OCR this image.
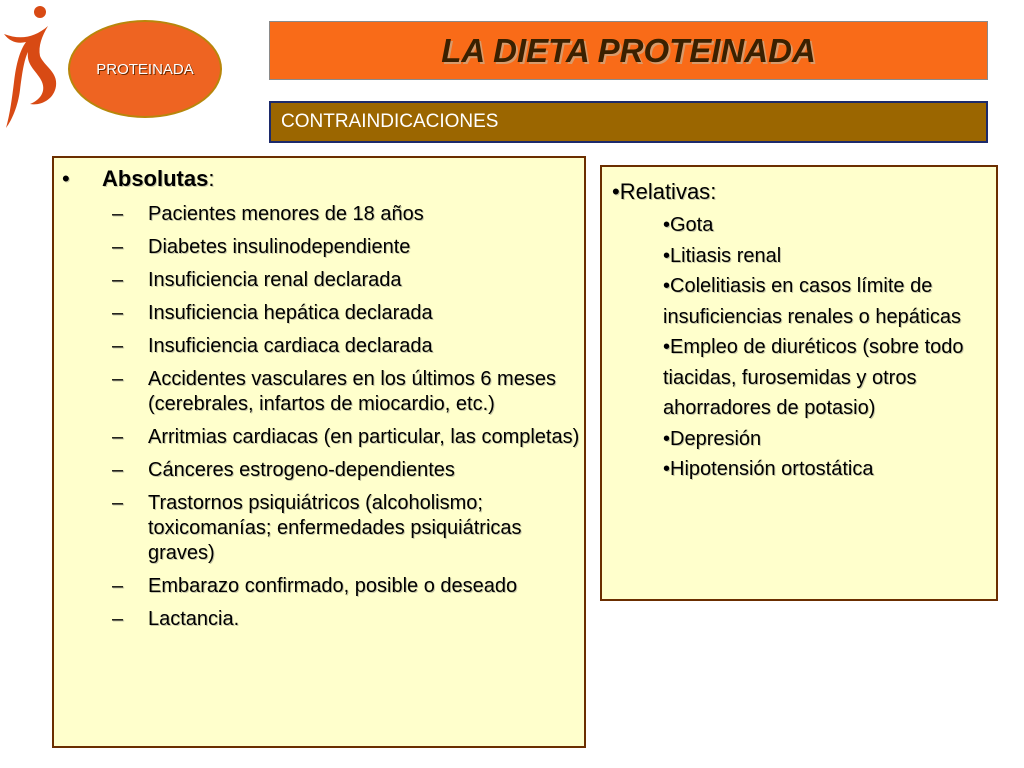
PROTEINADA
LA DIETA PROTEINADA
CONTRAINDICACIONES
• Absolutas:
– Pacientes menores de 18 años
– Diabetes insulinodependiente
– Insuficiencia renal declarada
– Insuficiencia hepática declarada
– Insuficiencia cardiaca declarada
– Accidentes vasculares en los últimos 6 meses (cerebrales, infartos de miocardio, etc.)
– Arritmias cardiacas (en particular, las completas)
– Cánceres estrogeno-dependientes
– Trastornos psiquiátricos (alcoholismo; toxicomanías; enfermedades psiquiátricas graves)
– Embarazo confirmado, posible o deseado
– Lactancia.
•Relativas:
•Gota
•Litiasis renal
•Colelitiasis en casos límite de insuficiencias renales o hepáticas
•Empleo de diuréticos (sobre todo tiacidas, furosemidas y otros ahorradores de potasio)
•Depresión
•Hipotensión ortostática
